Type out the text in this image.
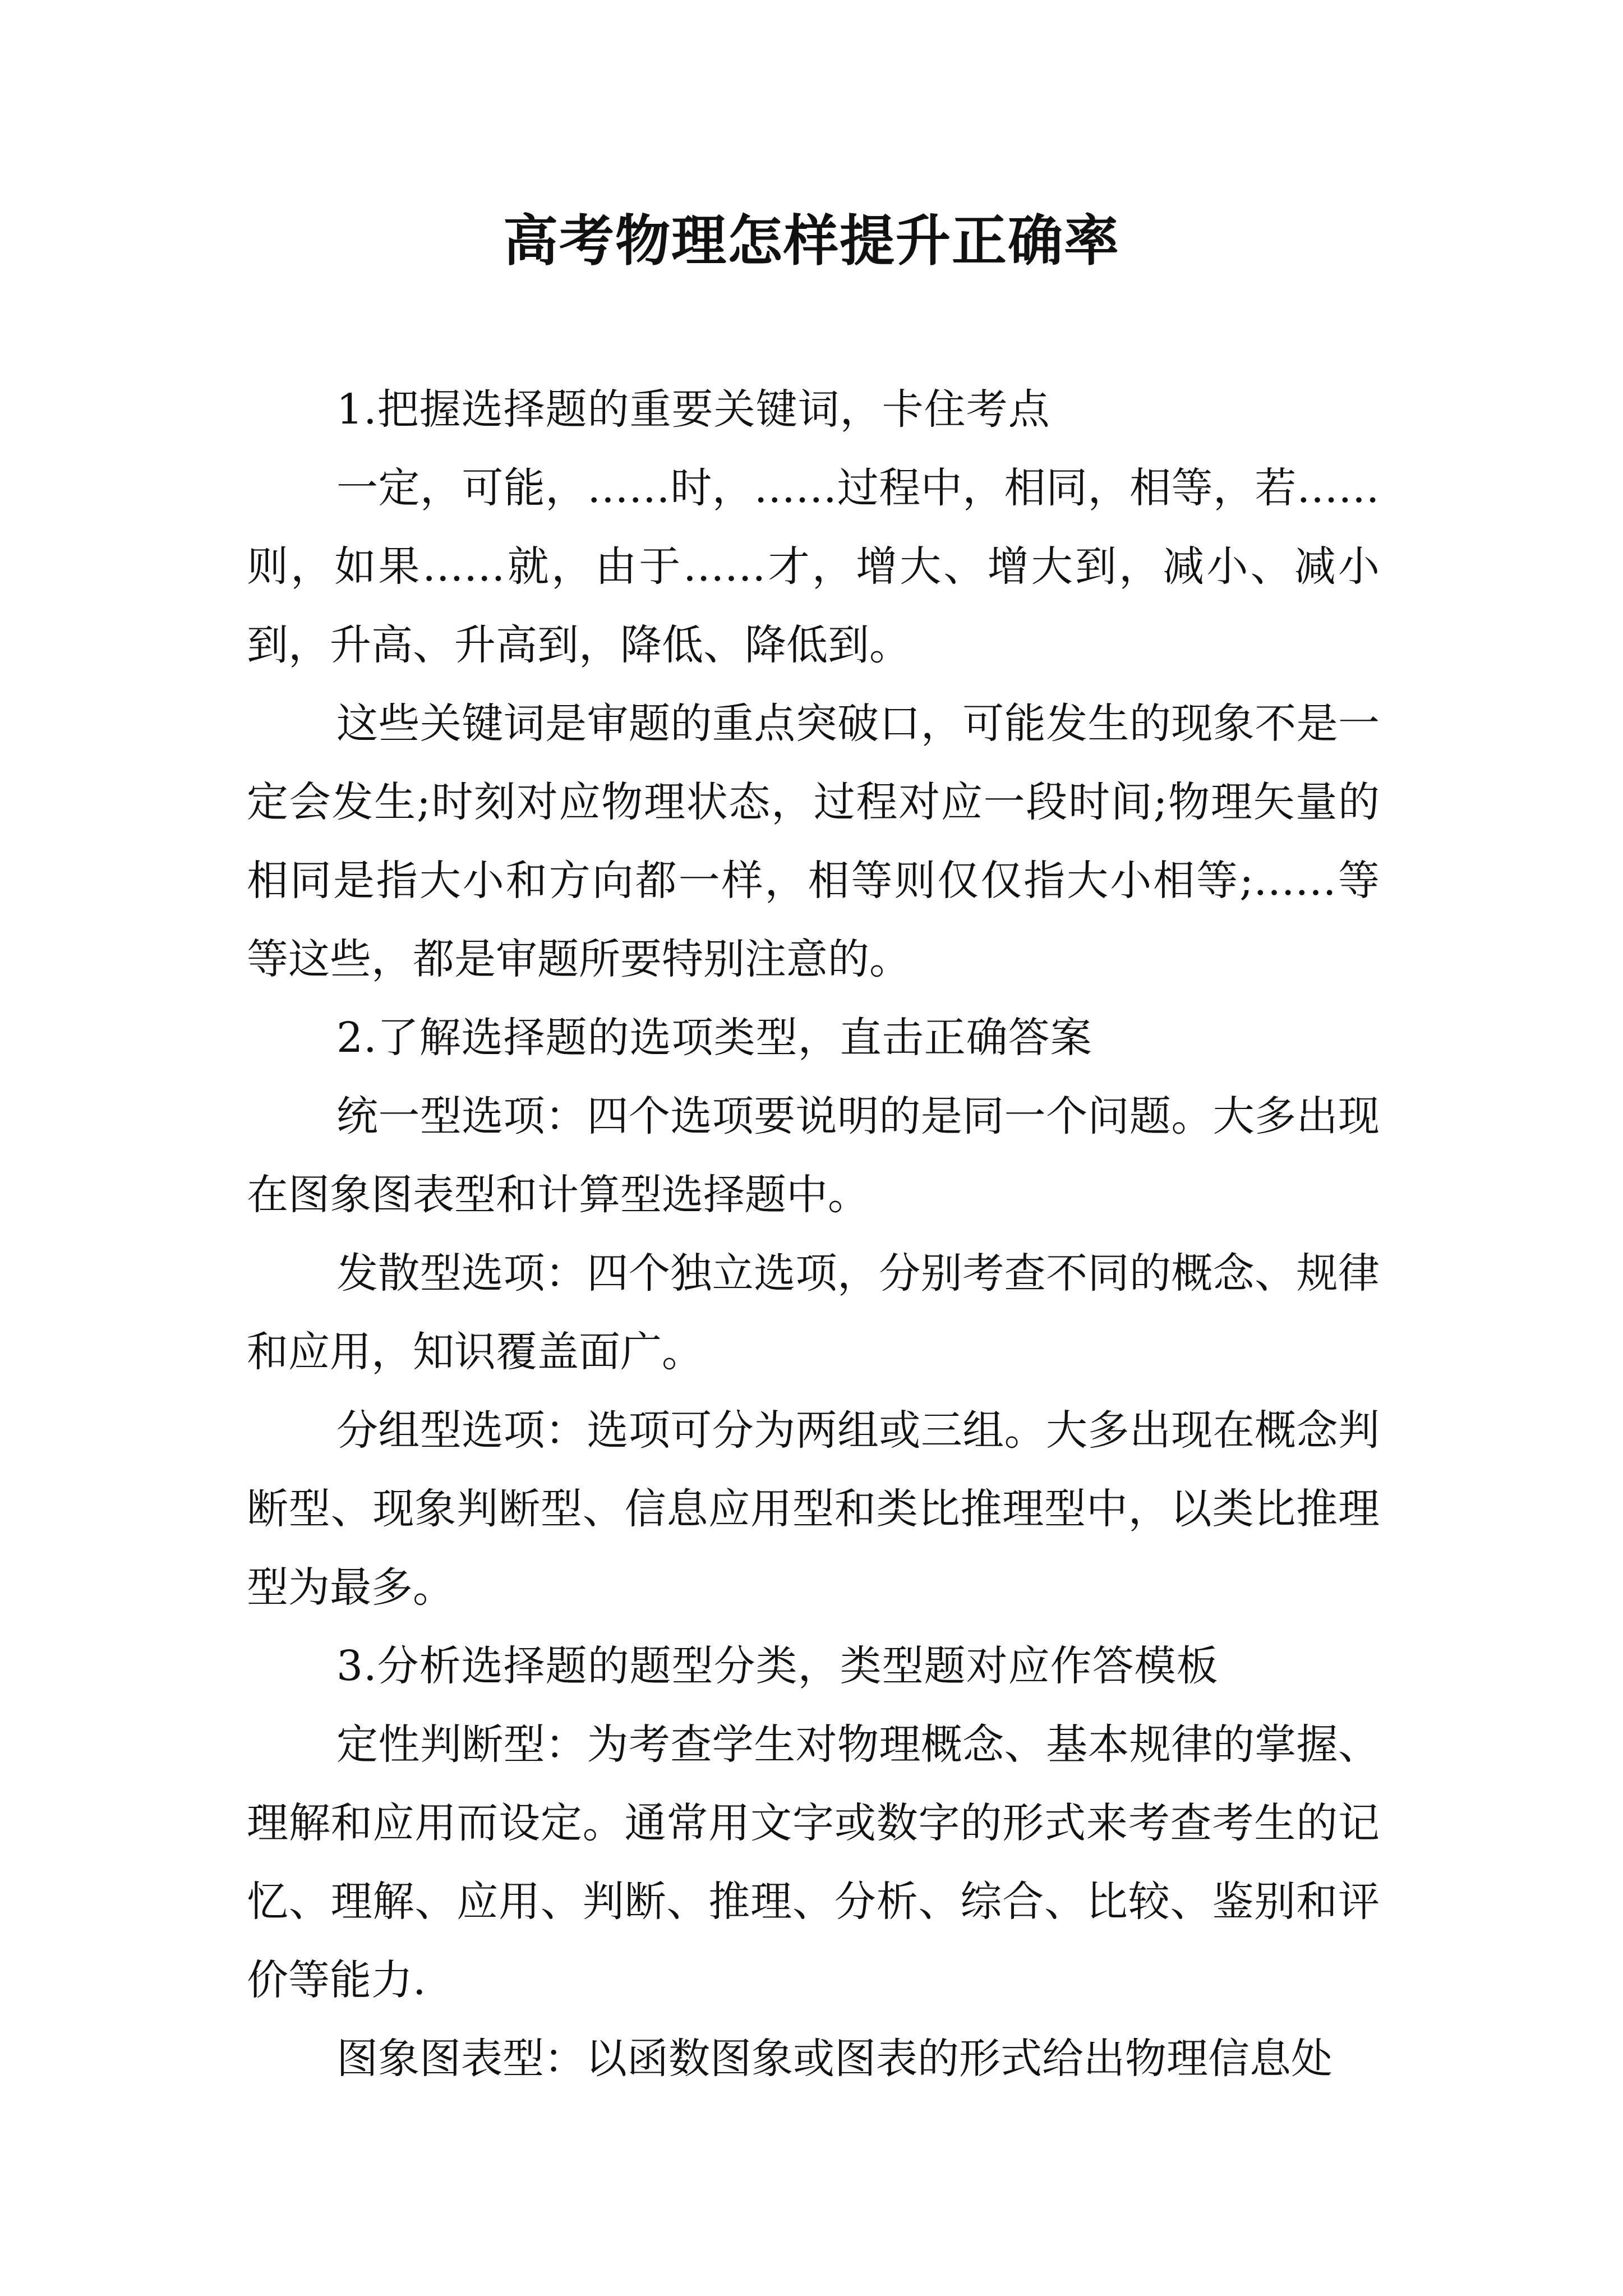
高考物理怎样提升正确率

1.把握选择题的重要关键词，卡住考点

一定，可能，……时，……过程中，相同，相等，若……则，如果……就，由于……才，增大、增大到，减小、减小到，升高、升高到，降低、降低到。

这些关键词是审题的重点突破口，可能发生的现象不是一定会发生;时刻对应物理状态，过程对应一段时间;物理矢量的相同是指大小和方向都一样，相等则仅仅指大小相等;……等等这些，都是审题所要特别注意的。

2.了解选择题的选项类型，直击正确答案

统一型选项：四个选项要说明的是同一个问题。大多出现在图象图表型和计算型选择题中。

发散型选项：四个独立选项，分别考查不同的概念、规律和应用，知识覆盖面广。

分组型选项：选项可分为两组或三组。大多出现在概念判断型、现象判断型、信息应用型和类比推理型中，以类比推理型为最多。

3.分析选择题的题型分类，类型题对应作答模板

定性判断型：为考查学生对物理概念、基本规律的掌握、理解和应用而设定。通常用文字或数字的形式来考查考生的记忆、理解、应用、判断、推理、分析、综合、比较、鉴别和评价等能力.

图象图表型：以函数图象或图表的形式给出物理信息处
